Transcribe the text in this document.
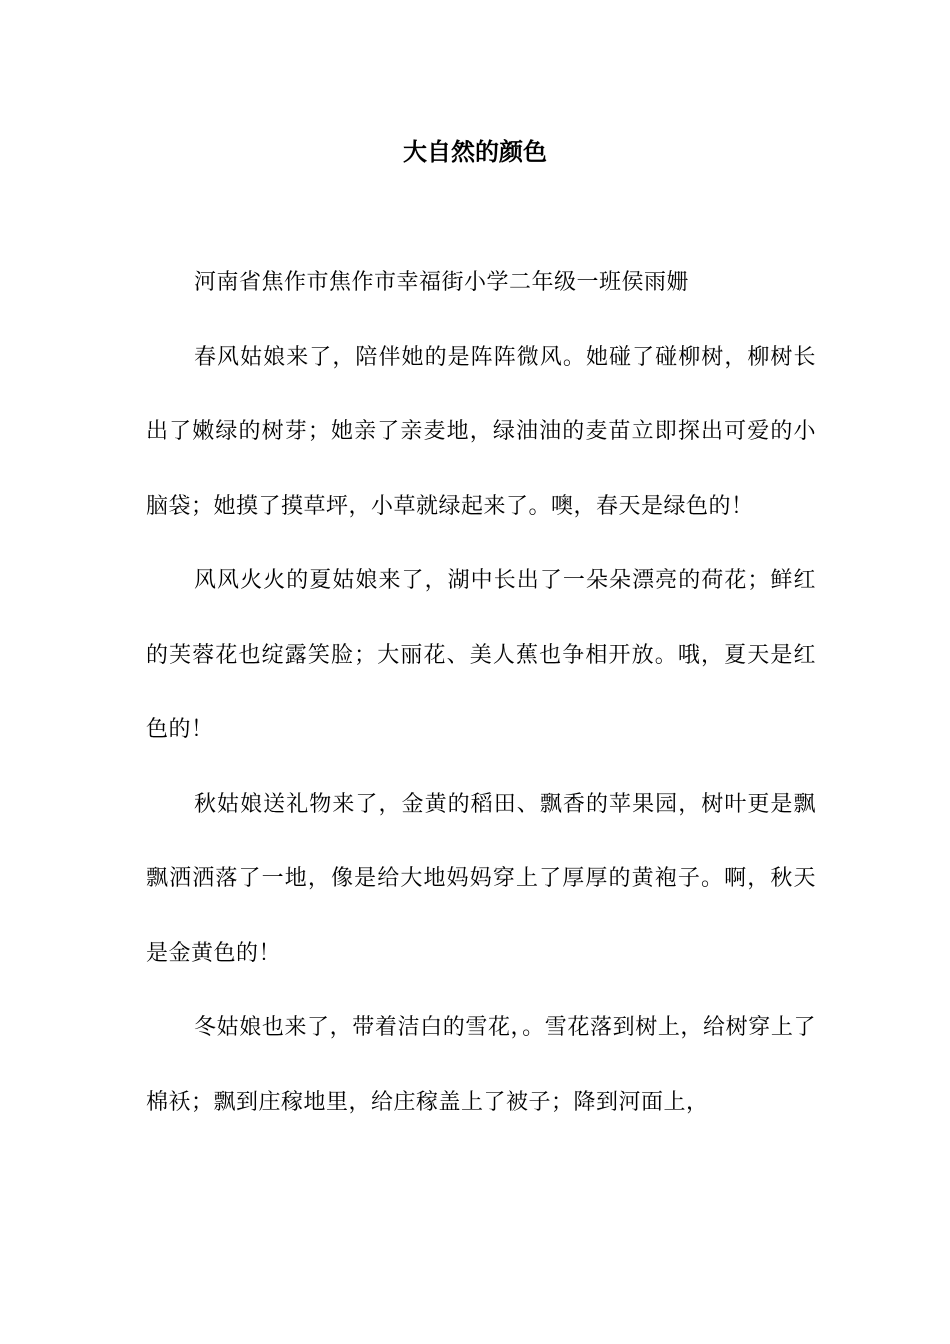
大自然的颜色

河南省焦作市焦作市幸福街小学二年级一班侯雨姗

春风姑娘来了，陪伴她的是阵阵微风。她碰了碰柳树，柳树长出了嫩绿的树芽；她亲了亲麦地，绿油油的麦苗立即探出可爱的小脑袋；她摸了摸草坪，小草就绿起来了。噢，春天是绿色的！

风风火火的夏姑娘来了，湖中长出了一朵朵漂亮的荷花；鲜红的芙蓉花也绽露笑脸；大丽花、美人蕉也争相开放。哦，夏天是红色的！

秋姑娘送礼物来了，金黄的稻田、飘香的苹果园，树叶更是飘飘洒洒落了一地，像是给大地妈妈穿上了厚厚的黄袍子。啊，秋天是金黄色的！

冬姑娘也来了，带着洁白的雪花，。雪花落到树上，给树穿上了棉袄；飘到庄稼地里，给庄稼盖上了被子；降到河面上，
